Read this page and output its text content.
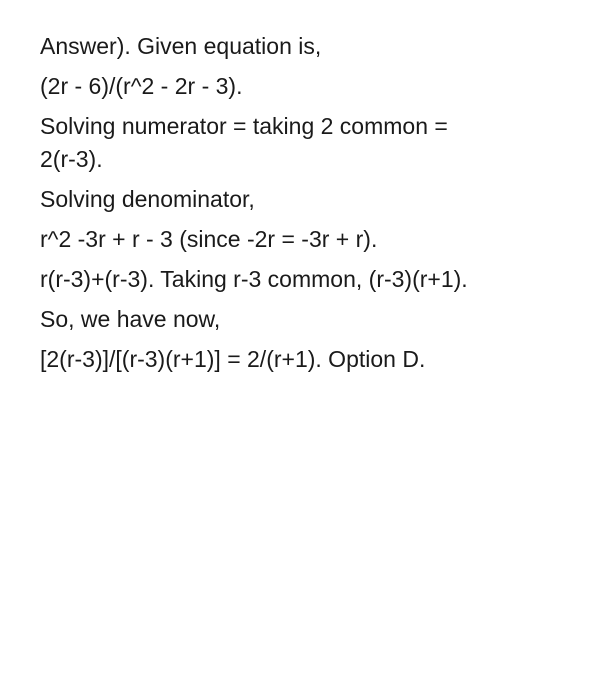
Answer). Given equation is,

(2r - 6)/(r^2 - 2r - 3).

Solving numerator = taking 2 common =

2(r-3).

Solving denominator,

r^2 -3r + r - 3 (since -2r = -3r + r).

r(r-3)+(r-3). Taking r-3 common, (r-3)(r+1).

So, we have now,

[2(r-3)]/[(r-3)(r+1)] = 2/(r+1). Option D.
